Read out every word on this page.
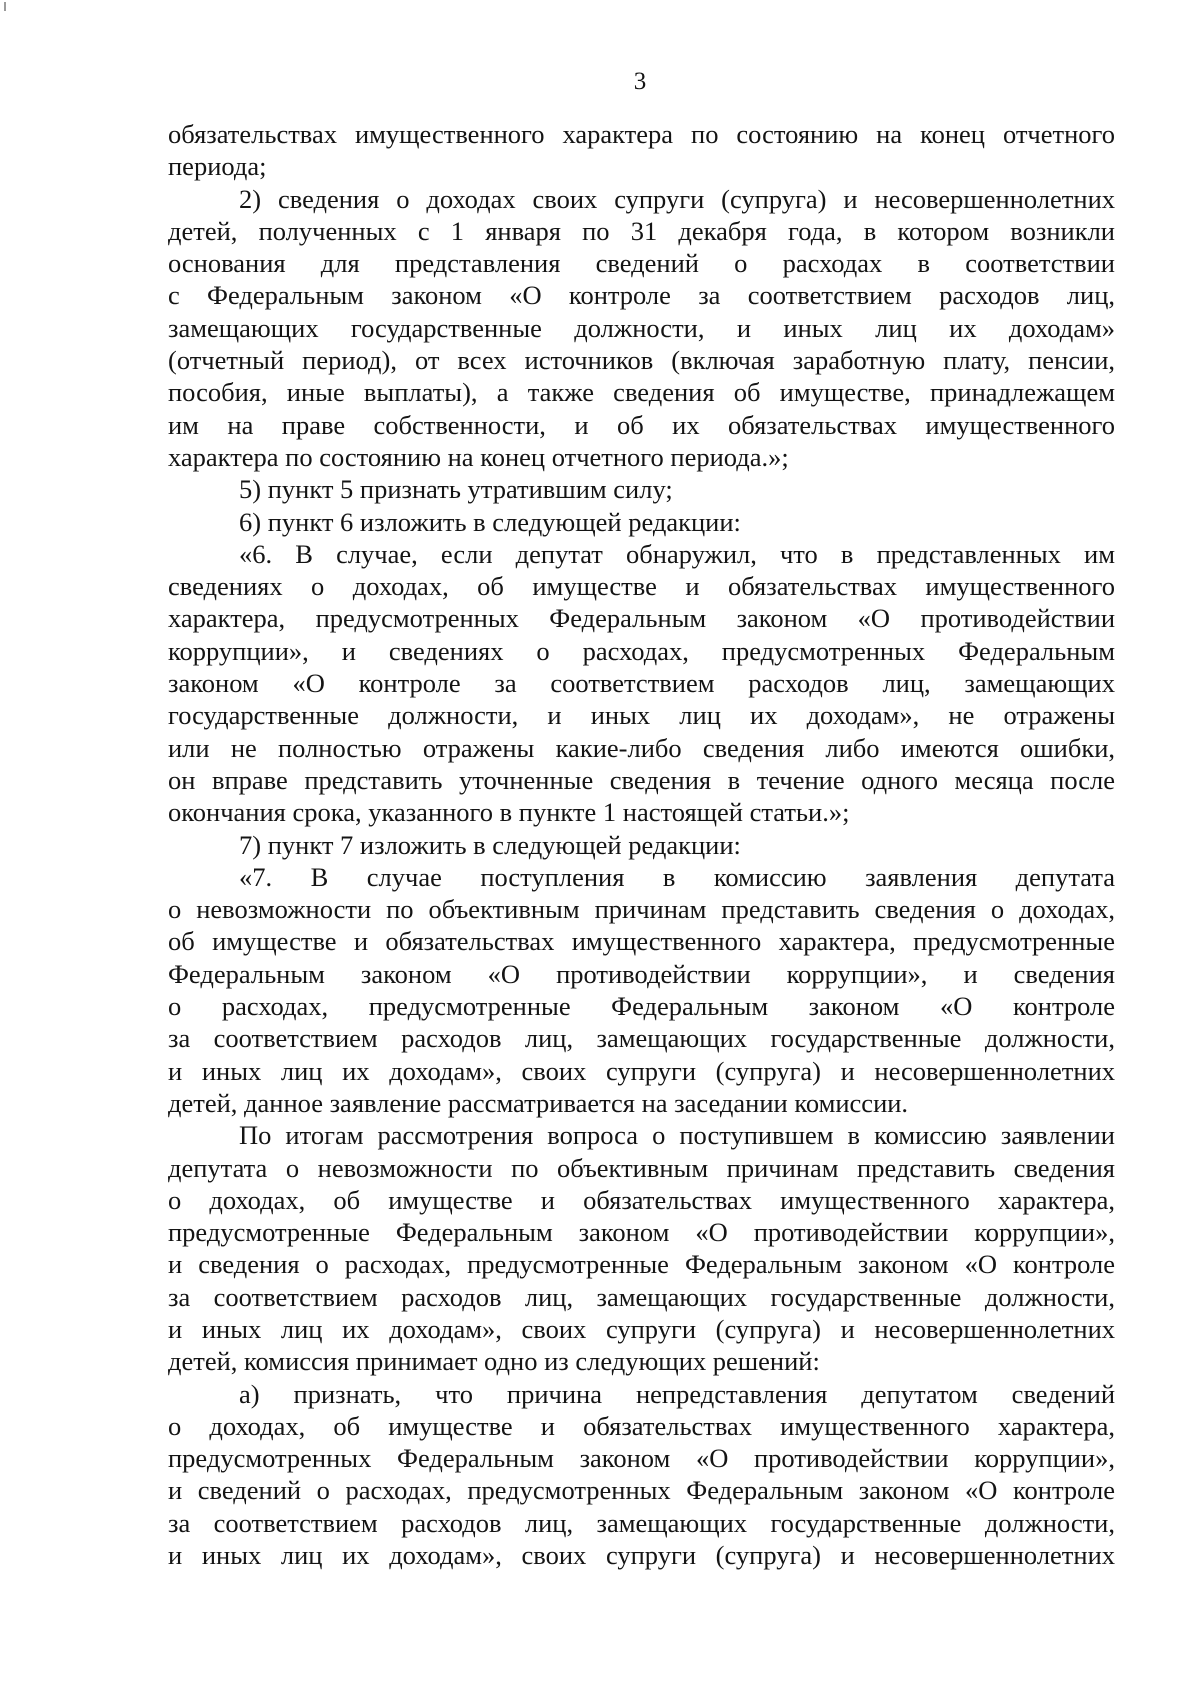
3

обязательствах имущественного характера по состоянию на конец отчетного

периода;

2) сведения о доходах своих супруги (супруга) и несовершеннолетних

детей, полученных с 1 января по 31 декабря года, в котором возникли

основания для представления сведений о расходах в соответствии

с Федеральным законом «О контроле за соответствием расходов лиц,

замещающих государственные должности, и иных лиц их доходам»

(отчетный период), от всех источников (включая заработную плату, пенсии,

пособия, иные выплаты), а также сведения об имуществе, принадлежащем

им на праве собственности, и об их обязательствах имущественного

характера по состоянию на конец отчетного периода.»;

5) пункт 5 признать утратившим силу;

6) пункт 6 изложить в следующей редакции:

«6. В случае, если депутат обнаружил, что в представленных им

сведениях о доходах, об имуществе и обязательствах имущественного

характера, предусмотренных Федеральным законом «О противодействии

коррупции», и сведениях о расходах, предусмотренных Федеральным

законом «О контроле за соответствием расходов лиц, замещающих

государственные должности, и иных лиц их доходам», не отражены

или не полностью отражены какие-либо сведения либо имеются ошибки,

он вправе представить уточненные сведения в течение одного месяца после

окончания срока, указанного в пункте 1 настоящей статьи.»;

7) пункт 7 изложить в следующей редакции:

«7. В случае поступления в комиссию заявления депутата

о невозможности по объективным причинам представить сведения о доходах,

об имуществе и обязательствах имущественного характера, предусмотренные

Федеральным законом «О противодействии коррупции», и сведения

о расходах, предусмотренные Федеральным законом «О контроле

за соответствием расходов лиц, замещающих государственные должности,

и иных лиц их доходам», своих супруги (супруга) и несовершеннолетних

детей, данное заявление рассматривается на заседании комиссии.

По итогам рассмотрения вопроса о поступившем в комиссию заявлении

депутата о невозможности по объективным причинам представить сведения

о доходах, об имуществе и обязательствах имущественного характера,

предусмотренные Федеральным законом «О противодействии коррупции»,

и сведения о расходах, предусмотренные Федеральным законом «О контроле

за соответствием расходов лиц, замещающих государственные должности,

и иных лиц их доходам», своих супруги (супруга) и несовершеннолетних

детей, комиссия принимает одно из следующих решений:

а) признать, что причина непредставления депутатом сведений

о доходах, об имуществе и обязательствах имущественного характера,

предусмотренных Федеральным законом «О противодействии коррупции»,

и сведений о расходах, предусмотренных Федеральным законом «О контроле

за соответствием расходов лиц, замещающих государственные должности,

и иных лиц их доходам», своих супруги (супруга) и несовершеннолетних
